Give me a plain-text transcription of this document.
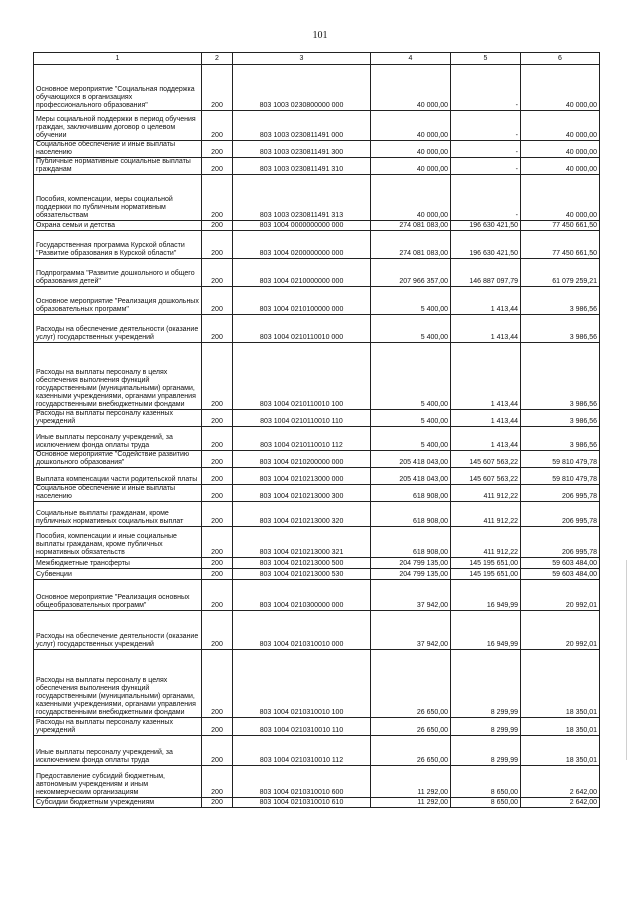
101
1	2	3	4	5	6
Основное мероприятие "Социальная поддержка обучающихся в организациях профессионального образования"	200	803 1003 0230800000 000	40 000,00	-	40 000,00
Меры социальной поддержки в период обучения граждан, заключившим договор о целевом обучении	200	803 1003 0230811491 000	40 000,00	-	40 000,00
Социальное обеспечение и иные выплаты населению	200	803 1003 0230811491 300	40 000,00	-	40 000,00
Публичные нормативные социальные выплаты гражданам	200	803 1003 0230811491 310	40 000,00	-	40 000,00
Пособия, компенсации, меры социальной поддержки по публичным нормативным обязательствам	200	803 1003 0230811491 313	40 000,00	-	40 000,00
Охрана семьи и детства	200	803 1004 0000000000 000	274 081 083,00	196 630 421,50	77 450 661,50
Государственная программа Курской области "Развитие образования в Курской области"	200	803 1004 0200000000 000	274 081 083,00	196 630 421,50	77 450 661,50
Подпрограмма "Развитие дошкольного и общего образования детей"	200	803 1004 0210000000 000	207 966 357,00	146 887 097,79	61 079 259,21
Основное мероприятие "Реализация дошкольных образовательных программ"	200	803 1004 0210100000 000	5 400,00	1 413,44	3 986,56
Расходы на обеспечение деятельности (оказание услуг) государственных учреждений	200	803 1004 0210110010 000	5 400,00	1 413,44	3 986,56
Расходы на выплаты персоналу в целях обеспечения выполнения функций государственными (муниципальными) органами, казенными учреждениями, органами управления государственными внебюджетными фондами	200	803 1004 0210110010 100	5 400,00	1 413,44	3 986,56
Расходы на выплаты персоналу казенных учреждений	200	803 1004 0210110010 110	5 400,00	1 413,44	3 986,56
Иные выплаты персоналу учреждений, за исключением фонда оплаты труда	200	803 1004 0210110010 112	5 400,00	1 413,44	3 986,56
Основное мероприятие "Содействие развитию дошкольного образования"	200	803 1004 0210200000 000	205 418 043,00	145 607 563,22	59 810 479,78
Выплата компенсации части родительской платы	200	803 1004 0210213000 000	205 418 043,00	145 607 563,22	59 810 479,78
Социальное обеспечение и иные выплаты населению	200	803 1004 0210213000 300	618 908,00	411 912,22	206 995,78
Социальные выплаты гражданам, кроме публичных нормативных социальных выплат	200	803 1004 0210213000 320	618 908,00	411 912,22	206 995,78
Пособия, компенсации и иные социальные выплаты гражданам, кроме публичных нормативных обязательств	200	803 1004 0210213000 321	618 908,00	411 912,22	206 995,78
Межбюджетные трансферты	200	803 1004 0210213000 500	204 799 135,00	145 195 651,00	59 603 484,00
Субвенции	200	803 1004 0210213000 530	204 799 135,00	145 195 651,00	59 603 484,00
Основное мероприятие "Реализация основных общеобразовательных программ"	200	803 1004 0210300000 000	37 942,00	16 949,99	20 992,01
Расходы на обеспечение деятельности (оказание услуг) государственных учреждений	200	803 1004 0210310010 000	37 942,00	16 949,99	20 992,01
Расходы на выплаты персоналу в целях обеспечения выполнения функций государственными (муниципальными) органами, казенными учреждениями, органами управления государственными внебюджетными фондами	200	803 1004 0210310010 100	26 650,00	8 299,99	18 350,01
Расходы на выплаты персоналу казенных учреждений	200	803 1004 0210310010 110	26 650,00	8 299,99	18 350,01
Иные выплаты персоналу учреждений, за исключением фонда оплаты труда	200	803 1004 0210310010 112	26 650,00	8 299,99	18 350,01
Предоставление субсидий бюджетным, автономным учреждениям и иным некоммерческим организациям	200	803 1004 0210310010 600	11 292,00	8 650,00	2 642,00
Субсидии бюджетным учреждениям	200	803 1004 0210310010 610	11 292,00	8 650,00	2 642,00
